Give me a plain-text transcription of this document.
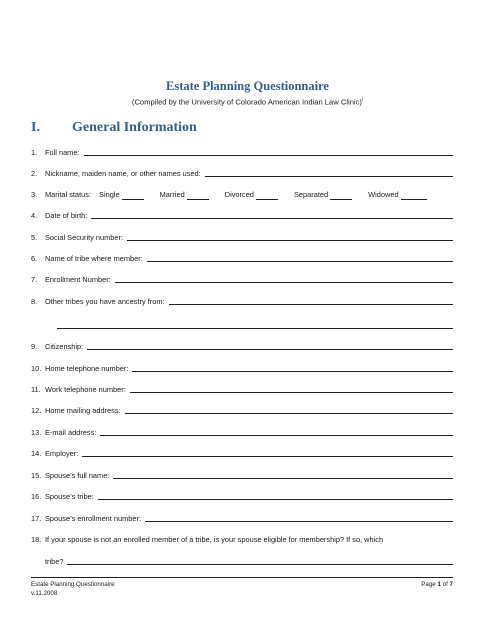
Estate Planning Questionnaire
(Compiled by the University of Colorado American Indian Law Clinic)$^i$
I. General Information
1.	Full name:
2.	Nickname, maiden name, or other names used:
3.	Marital status: Single	Married	Divorced	Separated	Widowed
4.	Date of birth:
5.	Social Security number:
6.	Name of tribe where member:
7.	Enrollment Number:
8.	Other tribes you have ancestry from:
9.	Citizenship:
10. Home telephone number:
11. Work telephone number:
12. Home mailing address:
13. E-mail address:
14. Employer:
15. Spouse’s full name:
16. Spouse’s tribe:
17. Spouse’s enrollment number:
18. If your spouse is not an enrolled member of a tribe, is your spouse eligible for membership? If so, which
tribe?
Estate Planning Questionnaire
v.11.2008
Page 1 of 7
